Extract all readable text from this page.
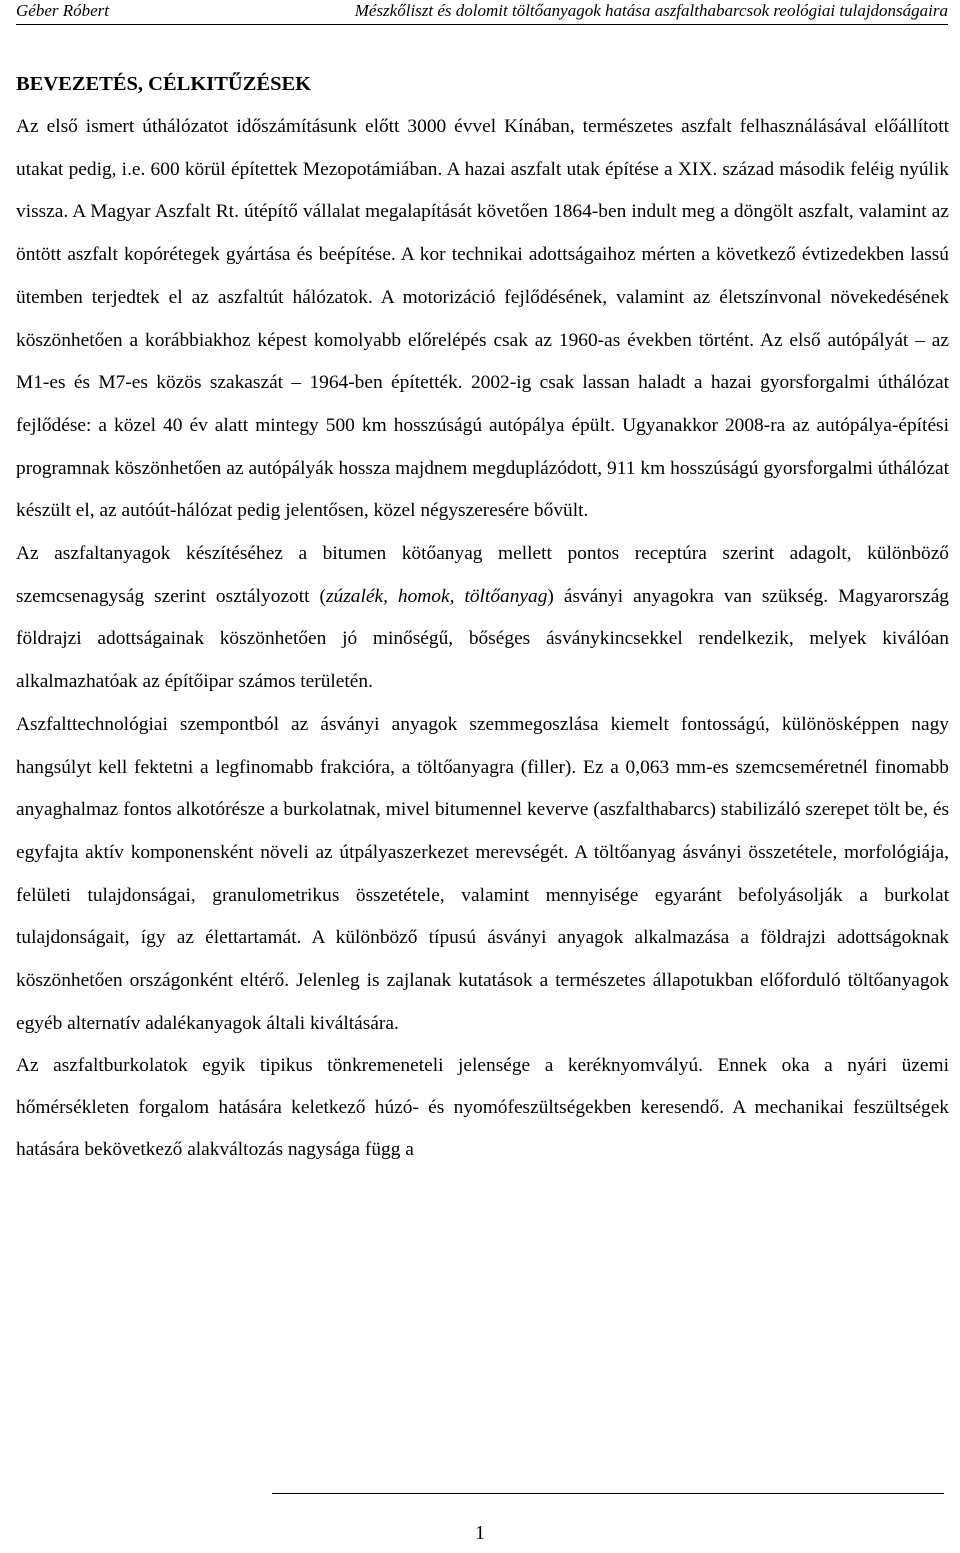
Géber Róbert	Mészkőliszt és dolomit töltőanyagok hatása aszfalthabarcsok reológiai tulajdonságaira
BEVEZETÉS, CÉLKITŰZÉSEK

Az első ismert úthálózatot időszámításunk előtt 3000 évvel Kínában, természetes aszfalt felhasználásával előállított utakat pedig, i.e. 600 körül építettek Mezopotámiában. A hazai aszfalt utak építése a XIX. század második feléig nyúlik vissza. A Magyar Aszfalt Rt. útépítő vállalat megalapítását követően 1864-ben indult meg a döngölt aszfalt, valamint az öntött aszfalt kopórétegek gyártása és beépítése. A kor technikai adottságaihoz mérten a következő évtizedekben lassú ütemben terjedtek el az aszfaltút hálózatok. A motorizáció fejlődésének, valamint az életszínvonal növekedésének köszönhetően a korábbiakhoz képest komolyabb előrelépés csak az 1960-as években történt. Az első autópályát – az M1-es és M7-es közös szakaszát – 1964-ben építették. 2002-ig csak lassan haladt a hazai gyorsforgalmi úthálózat fejlődése: a közel 40 év alatt mintegy 500 km hosszúságú autópálya épült. Ugyanakkor 2008-ra az autópálya-építési programnak köszönhetően az autópályák hossza majdnem megduplázódott, 911 km hosszúságú gyorsforgalmi úthálózat készült el, az autóút-hálózat pedig jelentősen, közel négyszeresére bővült.

Az aszfaltanyagok készítéséhez a bitumen kötőanyag mellett pontos receptúra szerint adagolt, különböző szemcsenagyság szerint osztályozott (zúzalék, homok, töltőanyag) ásványi anyagokra van szükség. Magyarország földrajzi adottságainak köszönhetően jó minőségű, bőséges ásványkincsekkel rendelkezik, melyek kiválóan alkalmazhatóak az építőipar számos területén.

Aszfalttechnológiai szempontból az ásványi anyagok szemmegoszlása kiemelt fontosságú, különösképpen nagy hangsúlyt kell fektetni a legfinomabb frakcióra, a töltőanyagra (filler). Ez a 0,063 mm-es szemcseméretnél finomabb anyaghalmaz fontos alkotórésze a burkolatnak, mivel bitumennel keverve (aszfalthabarcs) stabilizáló szerepet tölt be, és egyfajta aktív komponensként növeli az útpályaszerkezet merevségét. A töltőanyag ásványi összetétele, morfológiája, felületi tulajdonságai, granulometrikus összetétele, valamint mennyisége egyaránt befolyásolják a burkolat tulajdonságait, így az élettartamát. A különböző típusú ásványi anyagok alkalmazása a földrajzi adottságoknak köszönhetően országonként eltérő. Jelenleg is zajlanak kutatások a természetes állapotukban előforduló töltőanyagok egyéb alternatív adalékanyagok általi kiváltására.

Az aszfaltburkolatok egyik tipikus tönkremeneteli jelensége a keréknyomvályú. Ennek oka a nyári üzemi hőmérsékleten forgalom hatására keletkező húzó- és nyomófeszültségekben keresendő. A mechanikai feszültségek hatására bekövetkező alakváltozás nagysága függ a

1
